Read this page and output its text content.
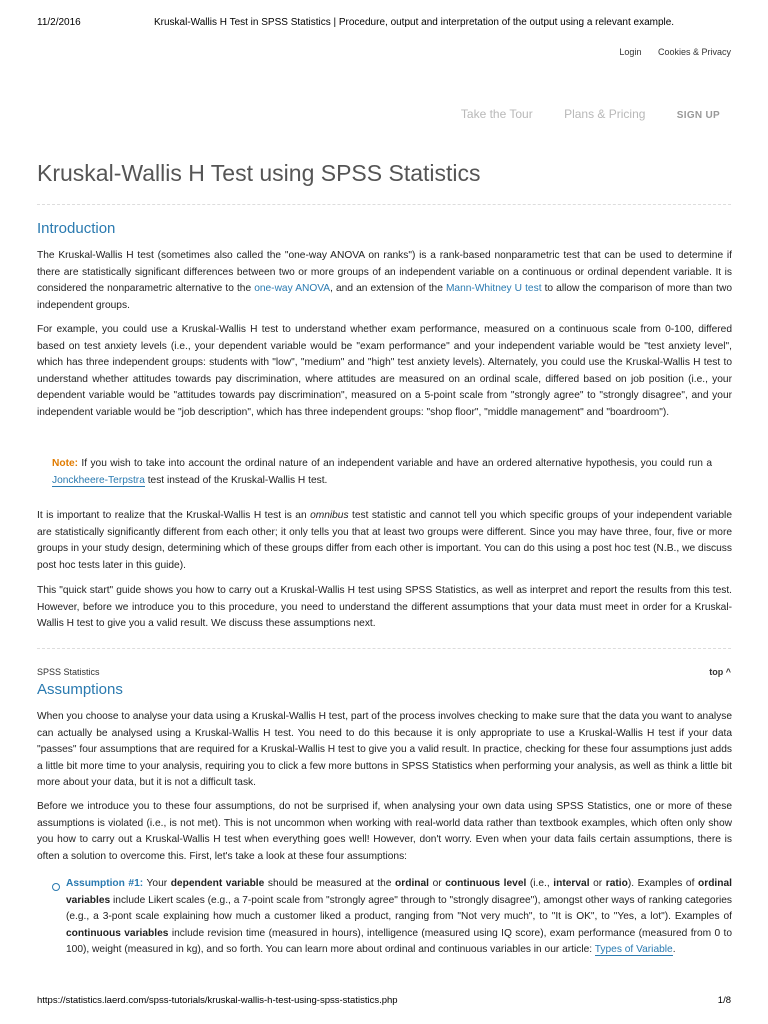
11/2/2016	Kruskal-Wallis H Test in SPSS Statistics | Procedure, output and interpretation of the output using a relevant example.
Login Cookies & Privacy
Take the Tour	Plans & Pricing	SIGN UP
Kruskal-Wallis H Test using SPSS Statistics
Introduction

The Kruskal-Wallis H test (sometimes also called the "one-way ANOVA on ranks") is a rank-based nonparametric test that can be used to determine if there are statistically significant differences between two or more groups of an independent variable on a continuous or ordinal dependent variable. It is considered the nonparametric alternative to the one-way ANOVA, and an extension of the Mann-Whitney U test to allow the comparison of more than two independent groups.

For example, you could use a Kruskal-Wallis H test to understand whether exam performance, measured on a continuous scale from 0-100, differed based on test anxiety levels (i.e., your dependent variable would be "exam performance" and your independent variable would be "test anxiety level", which has three independent groups: students with "low", "medium" and "high" test anxiety levels). Alternately, you could use the Kruskal-Wallis H test to understand whether attitudes towards pay discrimination, where attitudes are measured on an ordinal scale, differed based on job position (i.e., your dependent variable would be "attitudes towards pay discrimination", measured on a 5-point scale from "strongly agree" to "strongly disagree", and your independent variable would be "job description", which has three independent groups: "shop floor", "middle management" and "boardroom").

Note: If you wish to take into account the ordinal nature of an independent variable and have an ordered alternative hypothesis, you could run a Jonckheere-Terpstra test instead of the Kruskal-Wallis H test.

It is important to realize that the Kruskal-Wallis H test is an omnibus test statistic and cannot tell you which specific groups of your independent variable are statistically significantly different from each other; it only tells you that at least two groups were different. Since you may have three, four, five or more groups in your study design, determining which of these groups differ from each other is important. You can do this using a post hoc test (N.B., we discuss post hoc tests later in this guide).

This "quick start" guide shows you how to carry out a Kruskal-Wallis H test using SPSS Statistics, as well as interpret and report the results from this test. However, before we introduce you to this procedure, you need to understand the different assumptions that your data must meet in order for a Kruskal-Wallis H test to give you a valid result. We discuss these assumptions next.

SPSS Statistics	top ^
Assumptions

When you choose to analyse your data using a Kruskal-Wallis H test, part of the process involves checking to make sure that the data you want to analyse can actually be analysed using a Kruskal-Wallis H test. You need to do this because it is only appropriate to use a Kruskal-Wallis H test if your data "passes" four assumptions that are required for a Kruskal-Wallis H test to give you a valid result. In practice, checking for these four assumptions just adds a little bit more time to your analysis, requiring you to click a few more buttons in SPSS Statistics when performing your analysis, as well as think a little bit more about your data, but it is not a difficult task.

Before we introduce you to these four assumptions, do not be surprised if, when analysing your own data using SPSS Statistics, one or more of these assumptions is violated (i.e., is not met). This is not uncommon when working with real-world data rather than textbook examples, which often only show you how to carry out a Kruskal-Wallis H test when everything goes well! However, don't worry. Even when your data fails certain assumptions, there is often a solution to overcome this. First, let's take a look at these four assumptions:

Assumption #1: Your dependent variable should be measured at the ordinal or continuous level (i.e., interval or ratio). Examples of ordinal variables include Likert scales (e.g., a 7-point scale from "strongly agree" through to "strongly disagree"), amongst other ways of ranking categories (e.g., a 3-pont scale explaining how much a customer liked a product, ranging from "Not very much", to "It is OK", to "Yes, a lot"). Examples of continuous variables include revision time (measured in hours), intelligence (measured using IQ score), exam performance (measured from 0 to 100), weight (measured in kg), and so forth. You can learn more about ordinal and continuous variables in our article: Types of Variable.

https://statistics.laerd.com/spss-tutorials/kruskal-wallis-h-test-using-spss-statistics.php	1/8
